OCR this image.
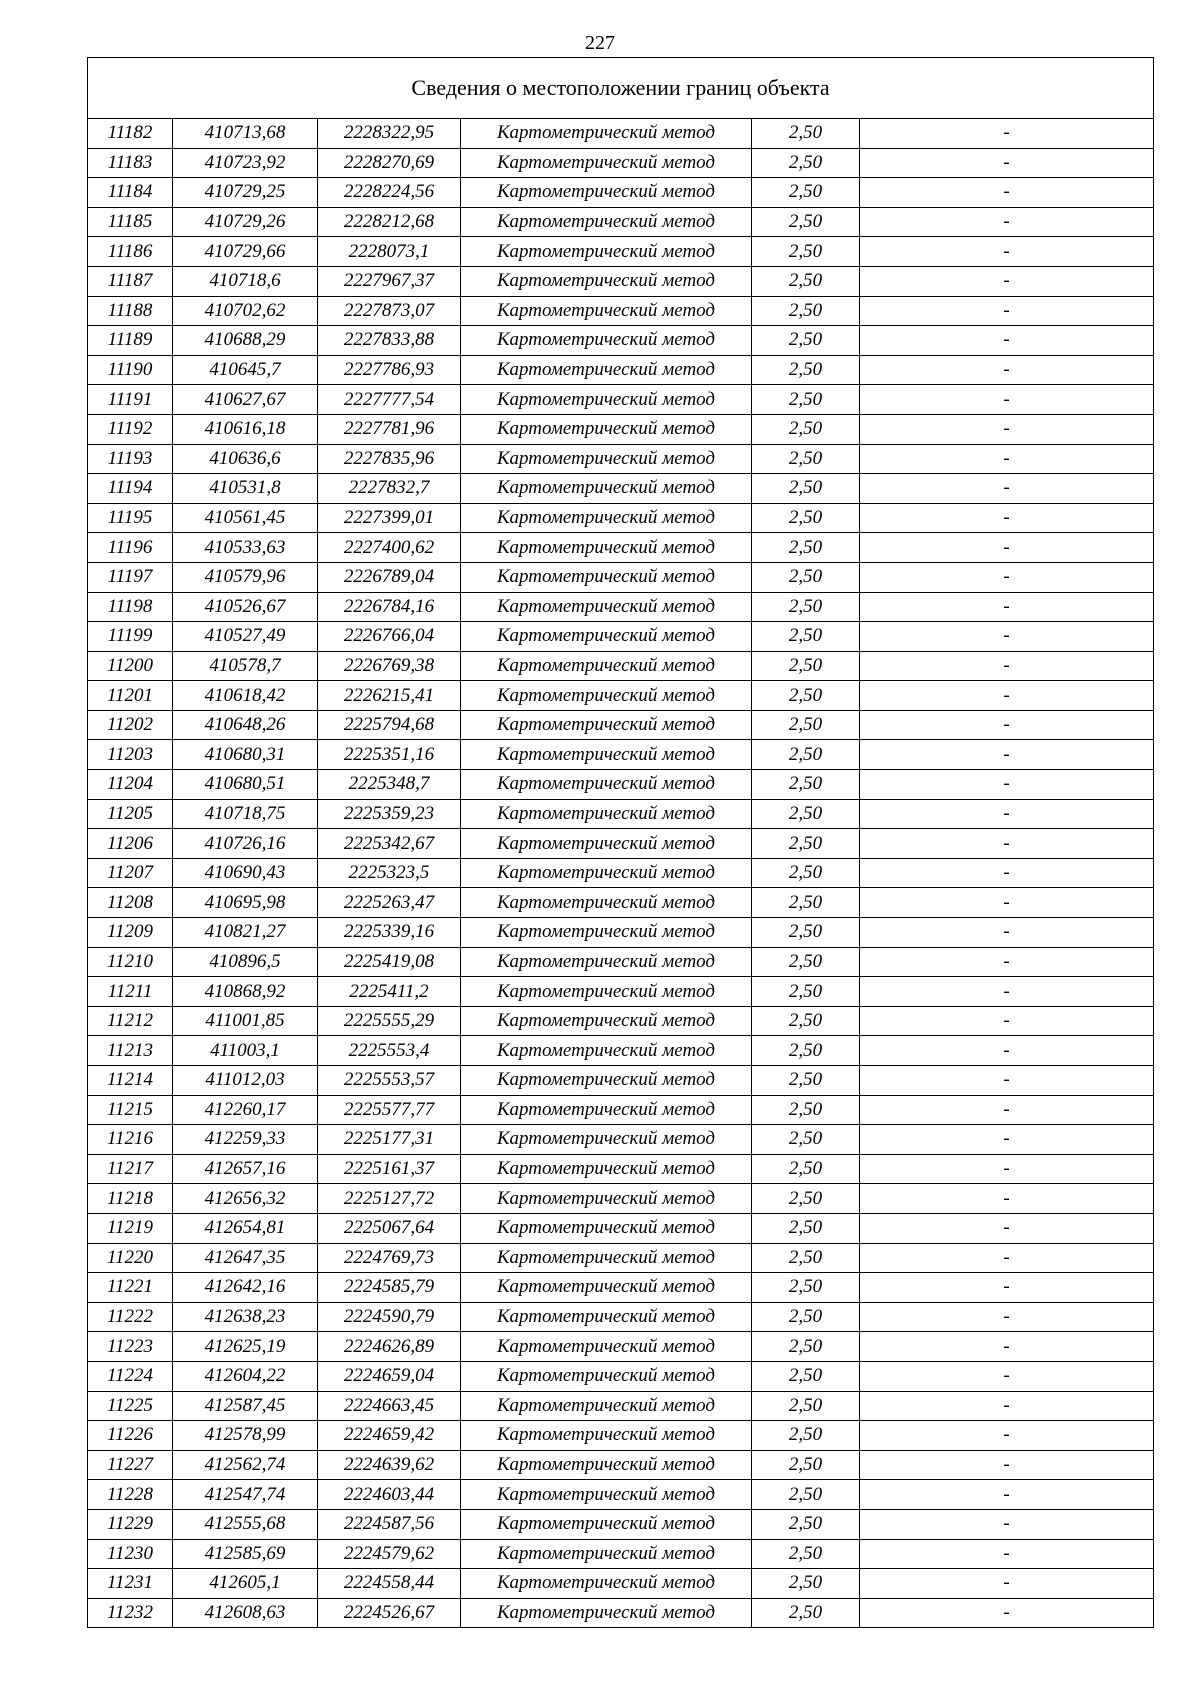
227
Сведения о местоположении границ объекта					
11182	410713,68	2228322,95	Картометрический метод	2,50	-
11183	410723,92	2228270,69	Картометрический метод	2,50	-
11184	410729,25	2228224,56	Картометрический метод	2,50	-
11185	410729,26	2228212,68	Картометрический метод	2,50	-
11186	410729,66	2228073,1	Картометрический метод	2,50	-
11187	410718,6	2227967,37	Картометрический метод	2,50	-
11188	410702,62	2227873,07	Картометрический метод	2,50	-
11189	410688,29	2227833,88	Картометрический метод	2,50	-
11190	410645,7	2227786,93	Картометрический метод	2,50	-
11191	410627,67	2227777,54	Картометрический метод	2,50	-
11192	410616,18	2227781,96	Картометрический метод	2,50	-
11193	410636,6	2227835,96	Картометрический метод	2,50	-
11194	410531,8	2227832,7	Картометрический метод	2,50	-
11195	410561,45	2227399,01	Картометрический метод	2,50	-
11196	410533,63	2227400,62	Картометрический метод	2,50	-
11197	410579,96	2226789,04	Картометрический метод	2,50	-
11198	410526,67	2226784,16	Картометрический метод	2,50	-
11199	410527,49	2226766,04	Картометрический метод	2,50	-
11200	410578,7	2226769,38	Картометрический метод	2,50	-
11201	410618,42	2226215,41	Картометрический метод	2,50	-
11202	410648,26	2225794,68	Картометрический метод	2,50	-
11203	410680,31	2225351,16	Картометрический метод	2,50	-
11204	410680,51	2225348,7	Картометрический метод	2,50	-
11205	410718,75	2225359,23	Картометрический метод	2,50	-
11206	410726,16	2225342,67	Картометрический метод	2,50	-
11207	410690,43	2225323,5	Картометрический метод	2,50	-
11208	410695,98	2225263,47	Картометрический метод	2,50	-
11209	410821,27	2225339,16	Картометрический метод	2,50	-
11210	410896,5	2225419,08	Картометрический метод	2,50	-
11211	410868,92	2225411,2	Картометрический метод	2,50	-
11212	411001,85	2225555,29	Картометрический метод	2,50	-
11213	411003,1	2225553,4	Картометрический метод	2,50	-
11214	411012,03	2225553,57	Картометрический метод	2,50	-
11215	412260,17	2225577,77	Картометрический метод	2,50	-
11216	412259,33	2225177,31	Картометрический метод	2,50	-
11217	412657,16	2225161,37	Картометрический метод	2,50	-
11218	412656,32	2225127,72	Картометрический метод	2,50	-
11219	412654,81	2225067,64	Картометрический метод	2,50	-
11220	412647,35	2224769,73	Картометрический метод	2,50	-
11221	412642,16	2224585,79	Картометрический метод	2,50	-
11222	412638,23	2224590,79	Картометрический метод	2,50	-
11223	412625,19	2224626,89	Картометрический метод	2,50	-
11224	412604,22	2224659,04	Картометрический метод	2,50	-
11225	412587,45	2224663,45	Картометрический метод	2,50	-
11226	412578,99	2224659,42	Картометрический метод	2,50	-
11227	412562,74	2224639,62	Картометрический метод	2,50	-
11228	412547,74	2224603,44	Картометрический метод	2,50	-
11229	412555,68	2224587,56	Картометрический метод	2,50	-
11230	412585,69	2224579,62	Картометрический метод	2,50	-
11231	412605,1	2224558,44	Картометрический метод	2,50	-
11232	412608,63	2224526,67	Картометрический метод	2,50	-
